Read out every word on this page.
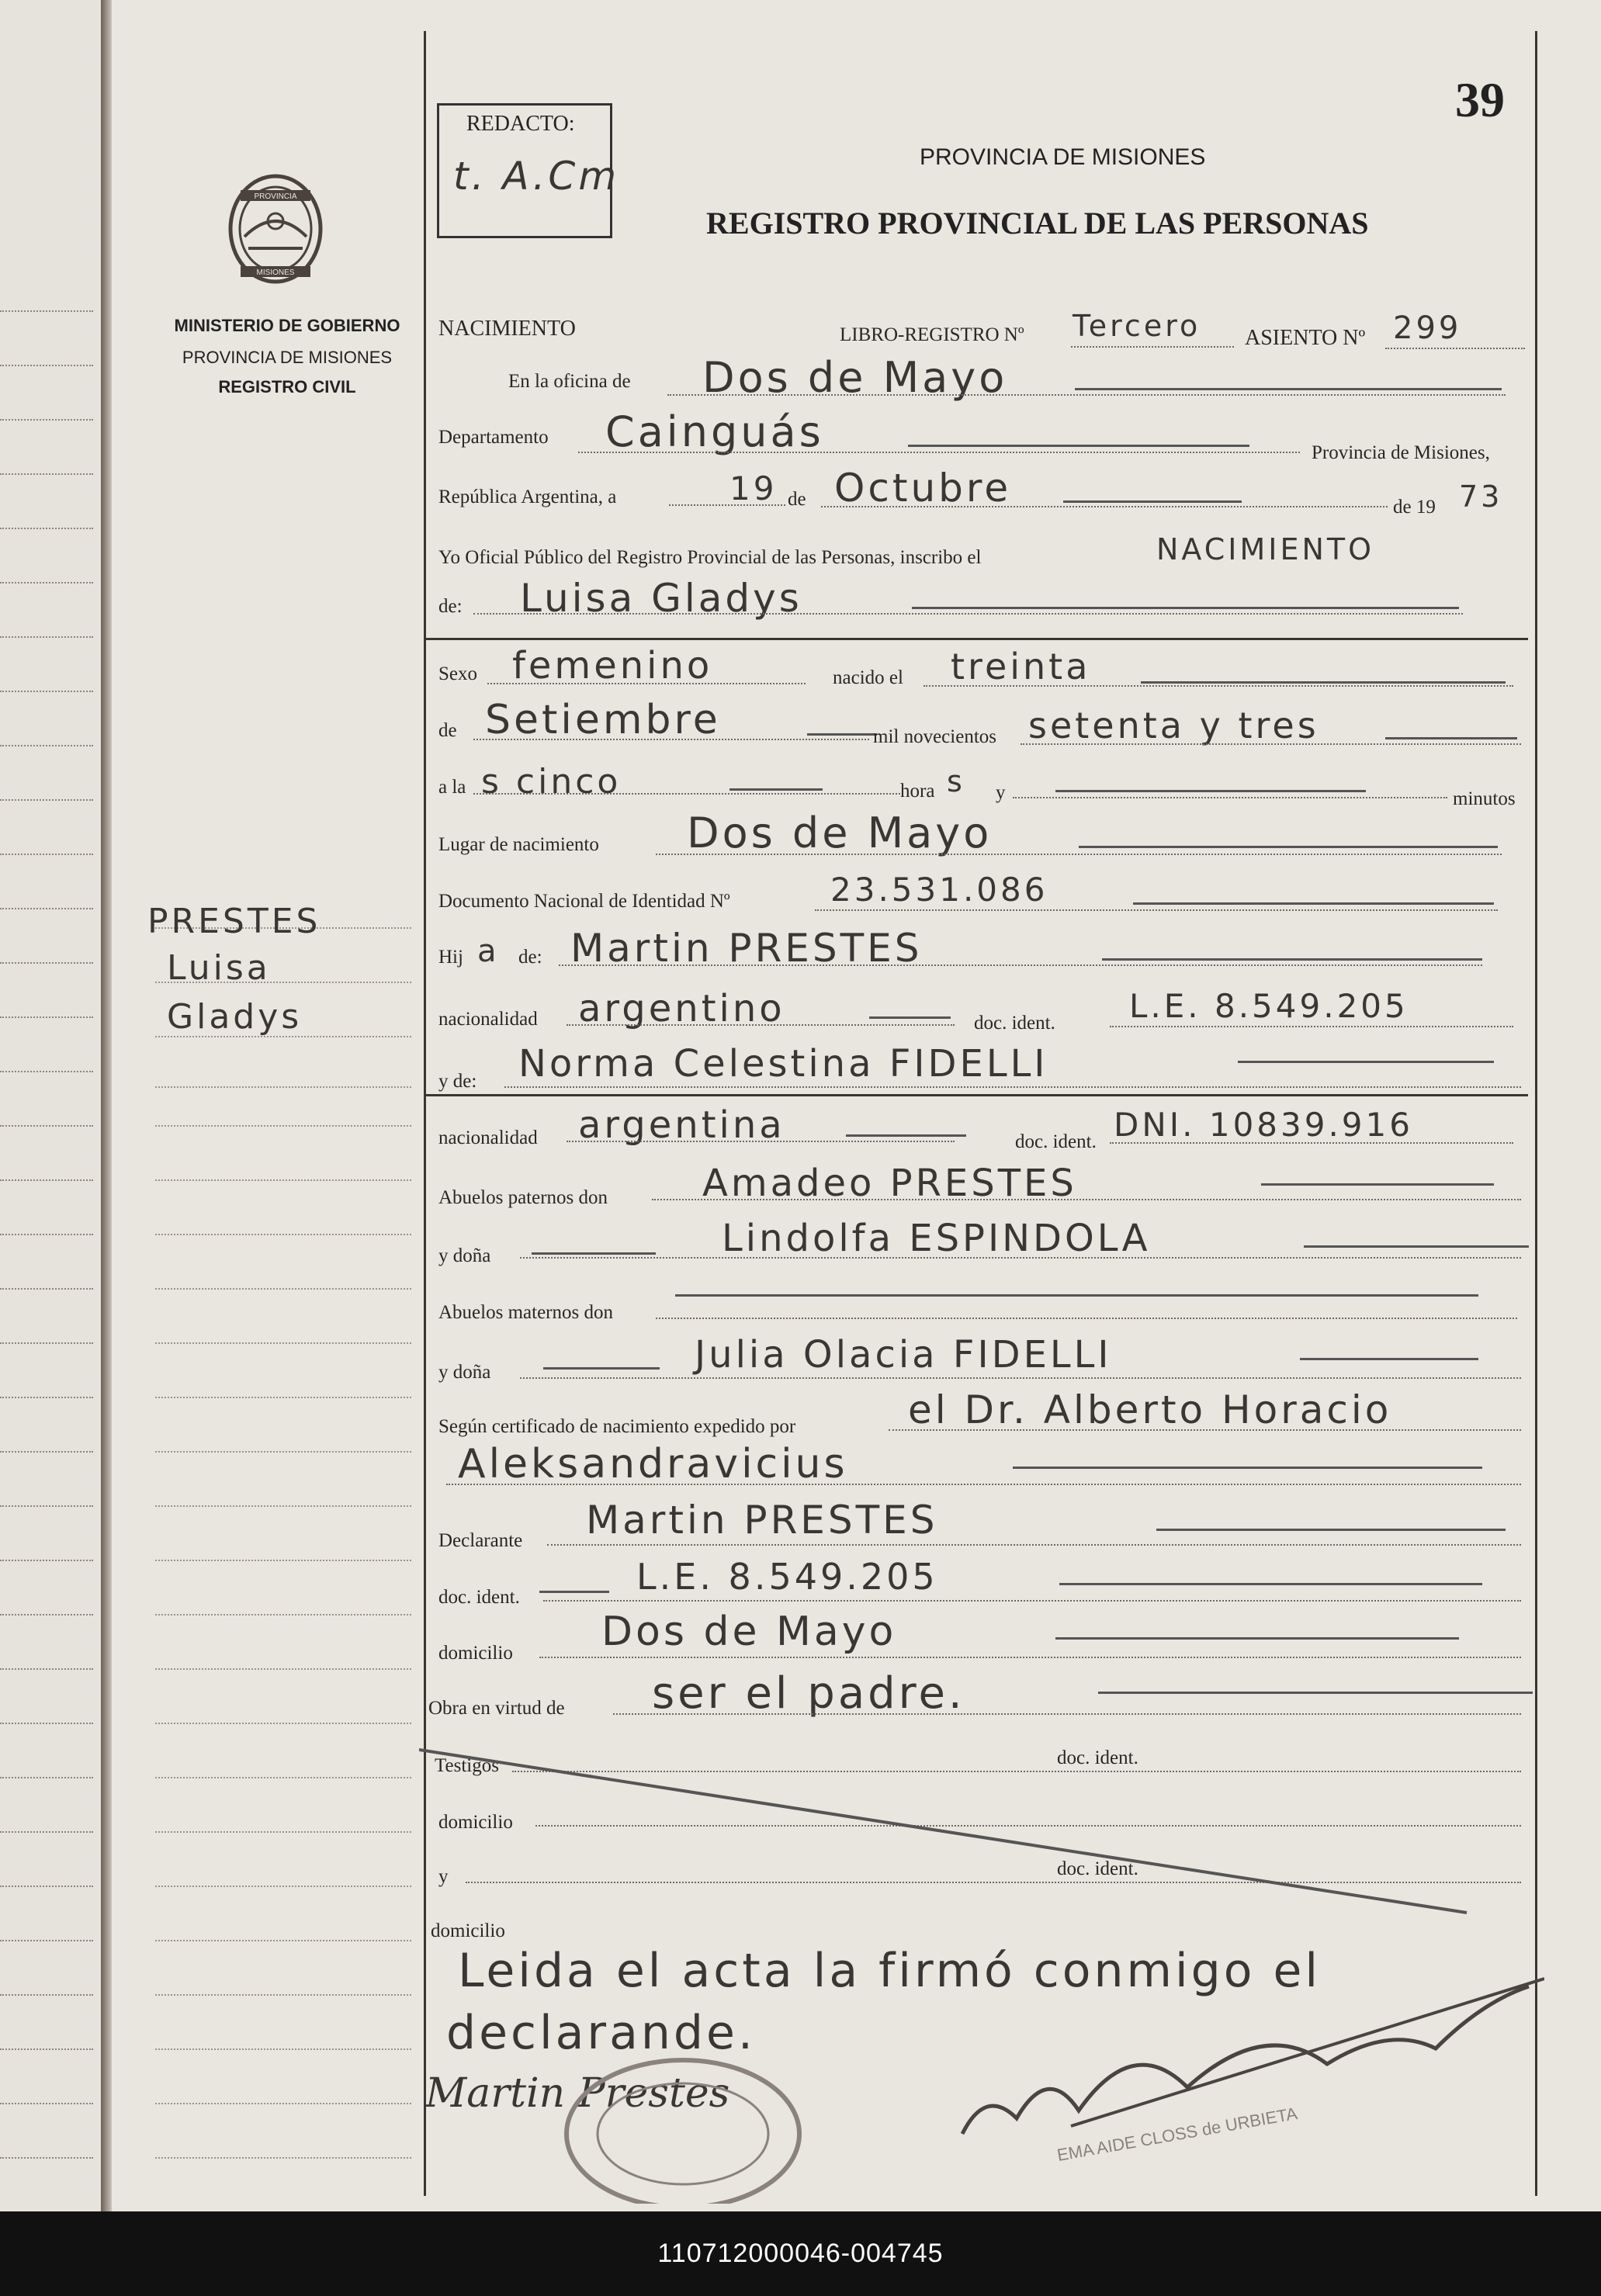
39
REDACTO:
t. A.Cm	PROVINCIA DE MISIONES
REGISTRO PROVINCIAL DE LAS PERSONAS
PROVINCIA
MISIONES
MINISTERIO DE GOBIERNO
PROVINCIA DE MISIONES
REGISTRO CIVIL
PRESTES
Luisa
Gladys
NACIMIENTO	LIBRO-REGISTRO Nº Tercero ASIENTO Nº 299
En la oficina de Dos de Mayo
Departamento Cainguás	Provincia de Misiones,
República Argentina, a	19 de Octubre	de 19 73
Yo Oficial Público del Registro Provincial de las Personas, inscribo el	NACIMIENTO
de: Luisa Gladys
Sexo femenino	nacido el treinta
de Setiembre	mil novecientos setenta y tres
a la s cinco	hora s y	minutos
Lugar de nacimiento Dos de Mayo
Documento Nacional de Identidad Nº	23.531.086
Hij a de: Martin PRESTES
nacionalidad argentino	doc. ident. L.E. 8.549.205
y de: Norma Celestina FIDELLI
nacionalidad argentina	doc. ident. DNI. 10839.916
Abuelos paternos don	Amadeo PRESTES
y doña	Lindolfa ESPINDOLA
Abuelos maternos don
y doña	Julia Olacia FIDELLI
Según certificado de nacimiento expedido por	el Dr. Alberto Horacio
Aleksandravicius
Declarante Martin PRESTES
doc. ident.	L.E. 8.549.205
domicilio Dos de Mayo
Obra en virtud de ser el padre.
Testigos	doc. ident.
domicilio
y	doc. ident.
domicilio
Leida el acta la firmó conmigo el
declarande.
Martin Prestes
EMA AIDE CLOSS de URBIETA
110712000046-004745
